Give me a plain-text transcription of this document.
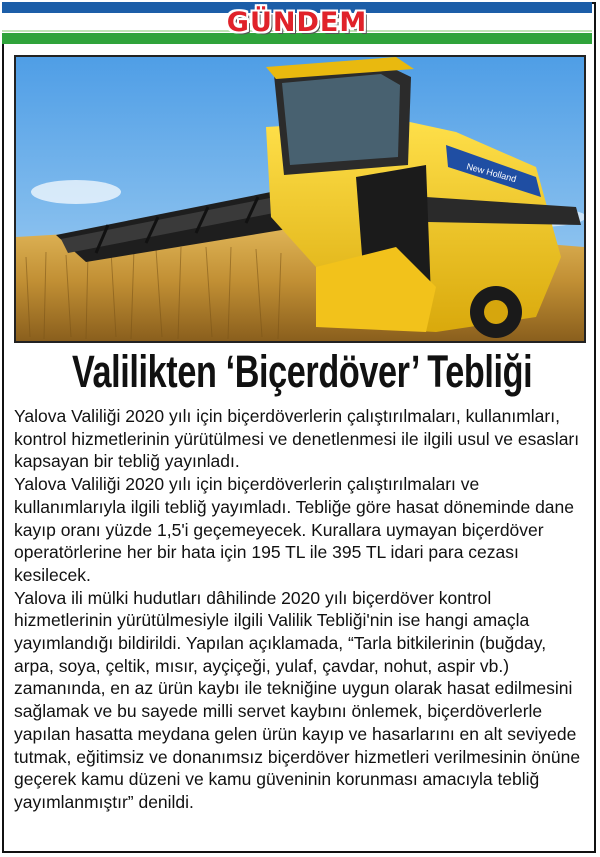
GÜNDEM
New Holland
Valilikten ‘Biçerdöver’ Tebliği

Yalova Valiliği 2020 yılı için biçerdöverlerin çalıştırılmaları, kullanımları, kontrol hizmetlerinin yürütülmesi ve denetlenmesi ile ilgili usul ve esasları kapsayan bir tebliğ yayınladı.

Yalova Valiliği 2020 yılı için biçerdöverlerin çalıştırılmaları ve kullanımlarıyla ilgili tebliğ yayımladı. Tebliğe göre hasat döneminde dane kayıp oranı yüzde 1,5'i geçemeyecek. Kurallara uymayan biçerdöver operatörlerine her bir hata için 195 TL ile 395 TL idari para cezası kesilecek.

Yalova ili mülki hudutları dâhilinde 2020 yılı biçerdöver kontrol hizmetlerinin yürütülmesiyle ilgili Valilik Tebliği'nin ise hangi amaçla yayımlandığı bildirildi. Yapılan açıklamada, “Tarla bitkilerinin (buğday, arpa, soya, çeltik, mısır, ayçiçeği, yulaf, çavdar, nohut, aspir vb.) zamanında, en az ürün kaybı ile tekniğine uygun olarak hasat edilmesini sağlamak ve bu sayede milli servet kaybını önlemek, biçerdöverlerle yapılan hasatta meydana gelen ürün kayıp ve hasarlarını en alt seviyede tutmak, eğitimsiz ve donanımsız biçerdöver hizmetleri verilmesinin önüne geçerek kamu düzeni ve kamu güveninin korunması amacıyla tebliğ yayımlanmıştır” denildi.
